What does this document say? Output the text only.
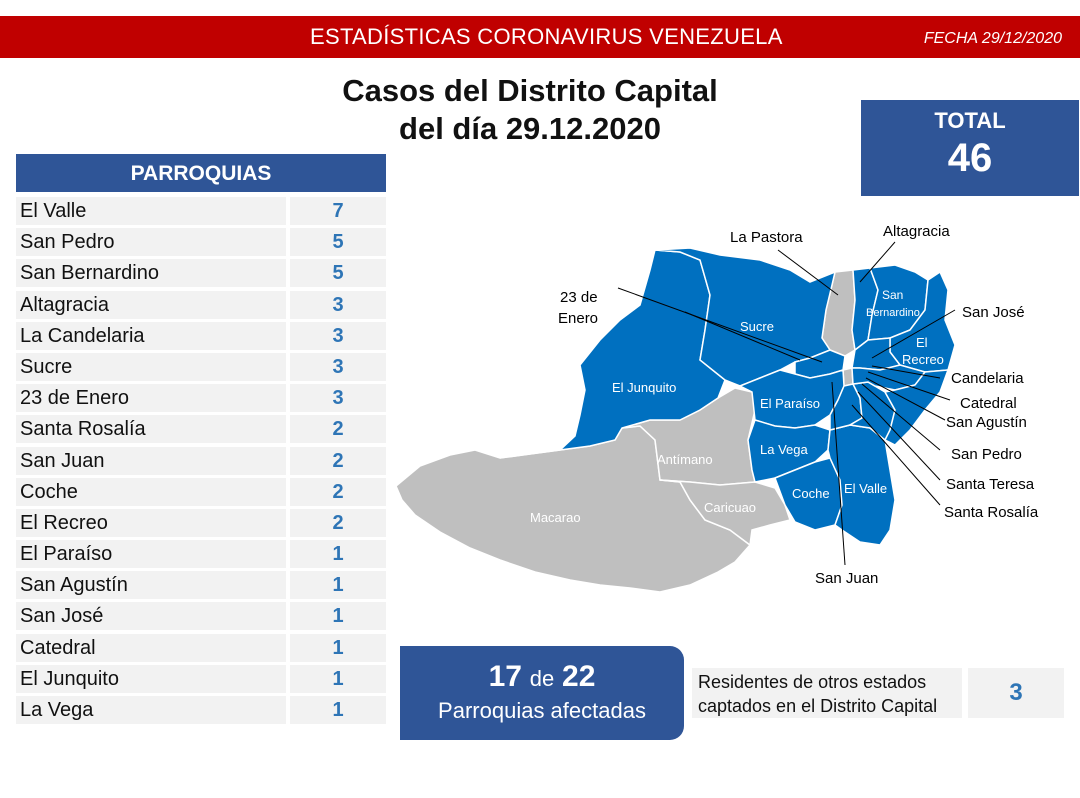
ESTADÍSTICAS CORONAVIRUS VENEZUELA	FECHA 29/12/2020
Casos del Distrito Capital
del día 29.12.2020	TOTAL
46
PARROQUIAS
El Valle	7
San Pedro	5
San Bernardino	5
Altagracia	3
La Candelaria	3
Sucre	3
23 de Enero	3
Santa Rosalía	2
San Juan	2
Coche	2
El Recreo	2
El Paraíso	1
San Agustín	1
San José	1
Catedral	1
El Junquito	1
La Vega	1
Sucre
El Junquito
El Paraíso
La Vega
Coche El Valle
Antímano
Macarao
Caricuao
San
Bernardino
El
Recreo
La Pastora	Altagracia
23 de
Enero	San José
Candelaria
Catedral
San Agustín
San Pedro
Santa Teresa
Santa Rosalía
San Juan
17 de 22
Parroquias afectadas
Residentes de otros estados
captados en el Distrito Capital	3
